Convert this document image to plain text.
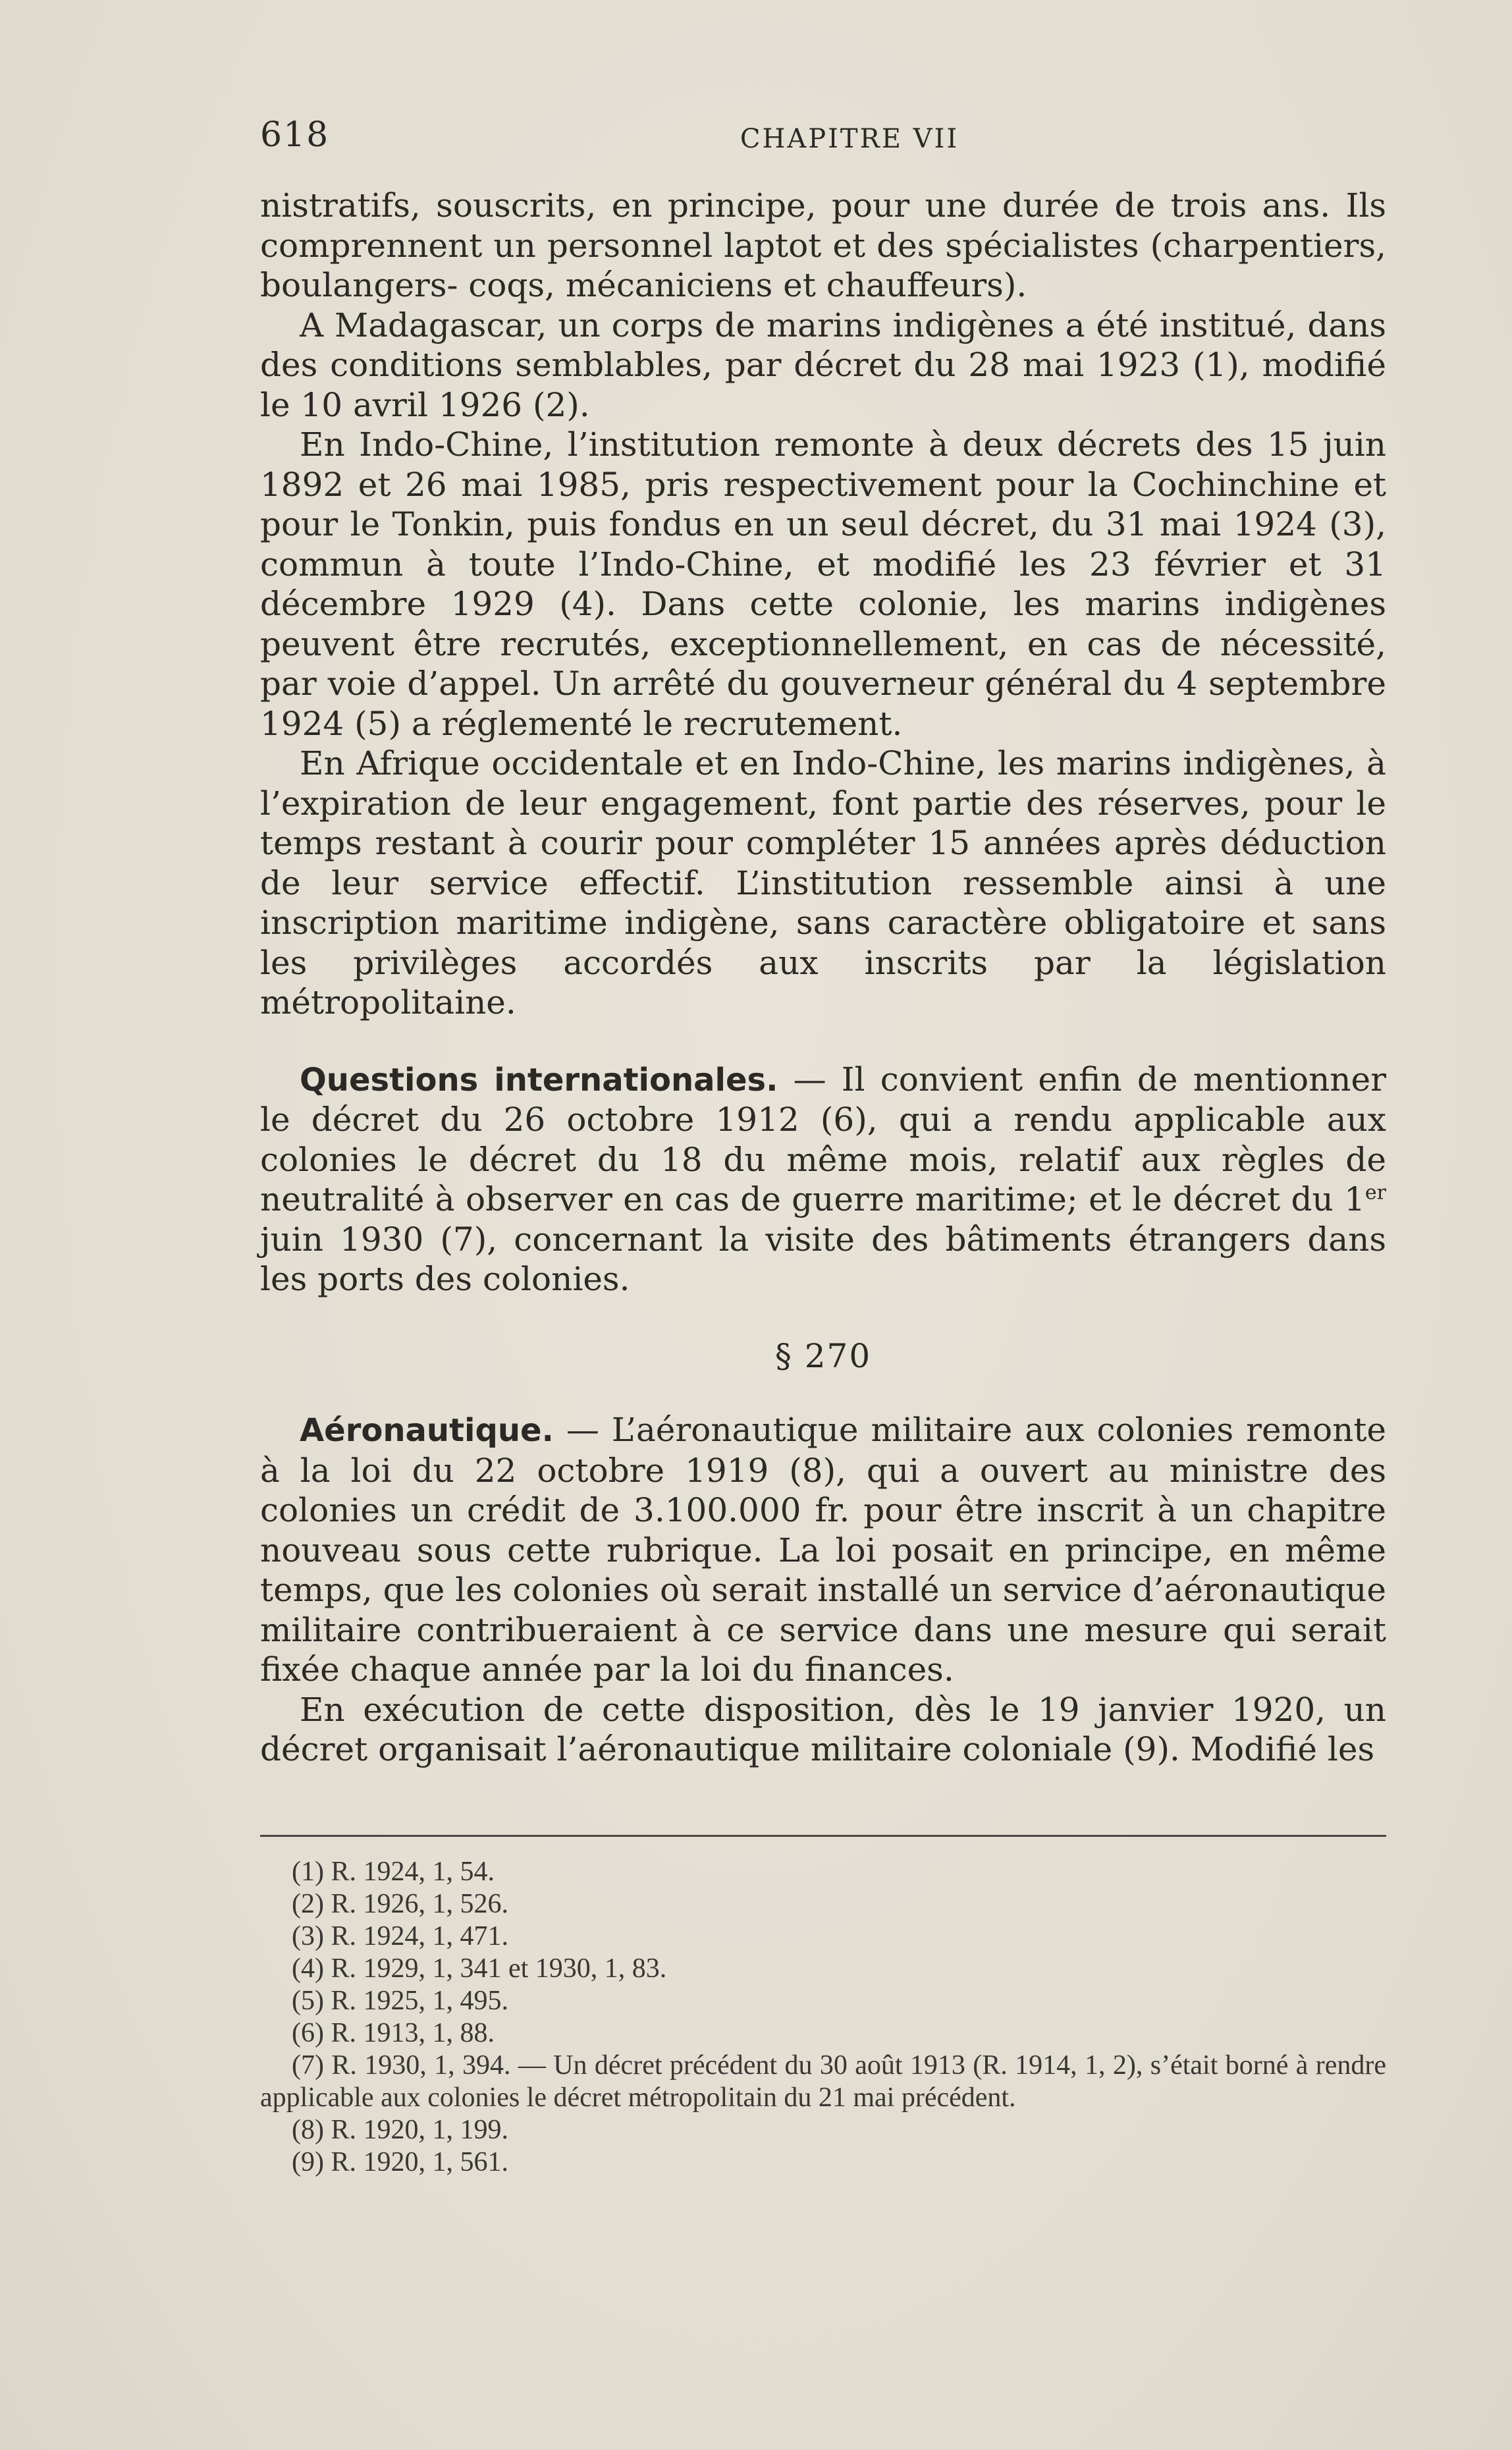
618	CHAPITRE VII

nistratifs, souscrits, en principe, pour une durée de trois ans. Ils comprennent un personnel laptot et des spécialistes (charpentiers, boulangers- coqs, mécaniciens et chauffeurs).

A Madagascar, un corps de marins indigènes a été institué, dans des conditions semblables, par décret du 28 mai 1923 (1), modifié le 10 avril 1926 (2).

En Indo-Chine, l’institution remonte à deux décrets des 15 juin 1892 et 26 mai 1985, pris respectivement pour la Cochinchine et pour le Tonkin, puis fondus en un seul décret, du 31 mai 1924 (3), commun à toute l’Indo-Chine, et modifié les 23 février et 31 décembre 1929 (4). Dans cette colonie, les marins indigènes peuvent être recrutés, exceptionnellement, en cas de nécessité, par voie d’appel. Un arrêté du gouverneur général du 4 septembre 1924 (5) a réglementé le recrutement.

En Afrique occidentale et en Indo-Chine, les marins indigènes, à l’expiration de leur engagement, font partie des réserves, pour le temps restant à courir pour compléter 15 années après déduction de leur service effectif. L’institution ressemble ainsi à une inscription maritime indigène, sans caractère obligatoire et sans les privilèges accordés aux inscrits par la législation métropolitaine.

Questions internationales. — Il convient enfin de mentionner le décret du 26 octobre 1912 (6), qui a rendu applicable aux colonies le décret du 18 du même mois, relatif aux règles de neutralité à observer en cas de guerre maritime; et le décret du 1er juin 1930 (7), concernant la visite des bâtiments étrangers dans les ports des colonies.

§ 270

Aéronautique. — L’aéronautique militaire aux colonies remonte à la loi du 22 octobre 1919 (8), qui a ouvert au ministre des colonies un crédit de 3.100.000 fr. pour être inscrit à un chapitre nouveau sous cette rubrique. La loi posait en principe, en même temps, que les colonies où serait installé un service d’aéronautique militaire contribueraient à ce service dans une mesure qui serait fixée chaque année par la loi du finances.

En exécution de cette disposition, dès le 19 janvier 1920, un décret organisait l’aéronautique militaire coloniale (9). Modifié les

(1) R. 1924, 1, 54.

(2) R. 1926, 1, 526.

(3) R. 1924, 1, 471.

(4) R. 1929, 1, 341 et 1930, 1, 83.

(5) R. 1925, 1, 495.

(6) R. 1913, 1, 88.

(7) R. 1930, 1, 394. — Un décret précédent du 30 août 1913 (R. 1914, 1, 2), s’était borné à rendre applicable aux colonies le décret métropolitain du 21 mai précédent.

(8) R. 1920, 1, 199.

(9) R. 1920, 1, 561.
